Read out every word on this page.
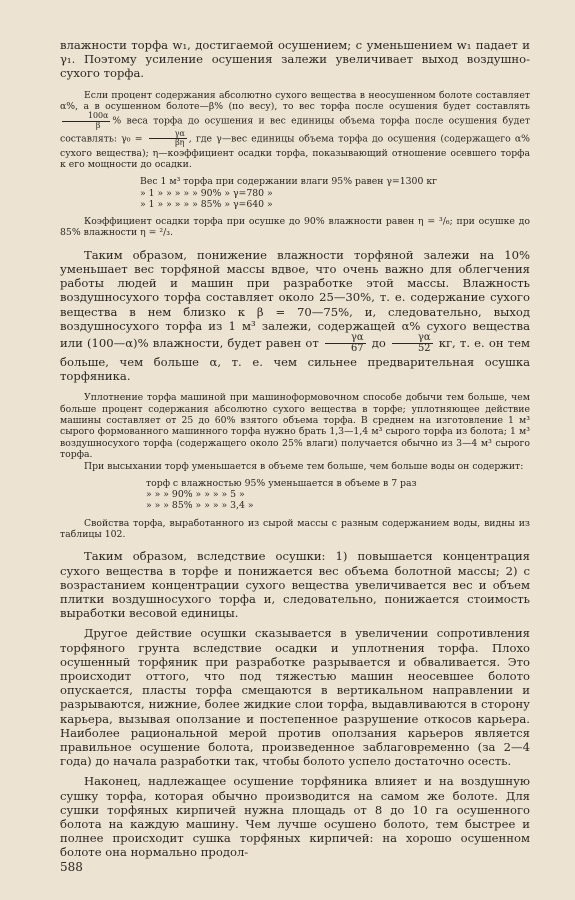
влажности торфа w₁, достигаемой осушением; с уменьшением w₁ падает и γ₁. Поэтому усиление осушения залежи увеличивает выход воздушно-сухого торфа.

Если процент содержания абсолютно сухого вещества в неосушенном болоте составляет α%, а в осушенном болоте—β% (по весу), то вес торфа после осушения будет составлять
$\frac{100\alpha}{\beta}$ % веса торфа до осушения и вес единицы объема торфа после осушения будет составлять: $\gamma_0 = \frac{\gamma\alpha}{\beta\eta}$ , где γ—вес единицы объема торфа до осушения (содержащего α% сухого вещества); η—коэффициент осадки торфа, показывающий отношение осевшего торфа к его мощности до осадки.

Вес 1 м³ торфа при содержании влаги 95% равен γ=1300 кг
» 1 » » » » » 90% » γ=780 »
» 1 » » » » » 85% » γ=640 »

Коэффициент осадки торфа при осушке до 90% влажности равен η = ³/₆; при осушке до 85% влажности η = ²/₃.

Таким образом, понижение влажности торфяной залежи на 10% уменьшает вес торфяной массы вдвое, что очень важно для облегчения работы людей и машин при разработке этой массы. Влажность воздушносухого торфа составляет около 25—30%, т. е. содержание сухого вещества в нем близко к β = 70—75%, и, следовательно, выход воздушносухого торфа из 1 м³ залежи, содержащей α% сухого вещества или (100—α)% влажности, будет равен от $\frac{\gamma\alpha}{67}$ до $\frac{\gamma\alpha}{52}$ кг, т. е. он тем больше, чем больше α, т. е. чем сильнее предварительная осушка торфяника.

Уплотнение торфа машиной при машиноформовочном способе добычи тем больше, чем больше процент содержания абсолютно сухого вещества в торфе; уплотняющее действие машины составляет от 25 до 60% взятого объема торфа. В среднем на изготовление 1 м³ сырого формованного машинного торфа нужно брать 1,3—1,4 м³ сырого торфа из болота; 1 м³ воздушносухого торфа (содержащего около 25% влаги) получается обычно из 3—4 м³ сырого торфа.

При высыхании торф уменьшается в объеме тем больше, чем больше воды он содержит:

торф с влажностью 95% уменьшается в объеме в 7 раз
» » » 90% » » » » 5 »
» » » 85% » » » » 3,4 »

Свойства торфа, выработанного из сырой массы с разным содержанием воды, видны из таблицы 102.

Таким образом, вследствие осушки: 1) повышается концентрация сухого вещества в торфе и понижается вес объема болотной массы; 2) с возрастанием концентрации сухого вещества увеличивается вес и объем плитки воздушносухого торфа и, следовательно, понижается стоимость выработки весовой единицы.

Другое действие осушки сказывается в увеличении сопротивления торфяного грунта вследствие осадки и уплотнения торфа. Плохо осушенный торфяник при разработке разрывается и обваливается. Это происходит оттого, что под тяжестью машин неосевшее болото опускается, пласты торфа смещаются в вертикальном направлении и разрываются, нижние, более жидкие слои торфа, выдавливаются в сторону карьера, вызывая оползание и постепенное разрушение откосов карьера. Наиболее рациональной мерой против оползания карьеров является правильное осушение болота, произведенное заблаговременно (за 2—4 года) до начала разработки так, чтобы болото успело достаточно осесть.

Наконец, надлежащее осушение торфяника влияет и на воздушную сушку торфа, которая обычно производится на самом же болоте. Для сушки торфяных кирпичей нужна площадь от 8 до 10 га осушенного болота на каждую машину. Чем лучше осушено болото, тем быстрее и полнее происходит сушка торфяных кирпичей: на хорошо осушенном болоте она нормально продол-

588
